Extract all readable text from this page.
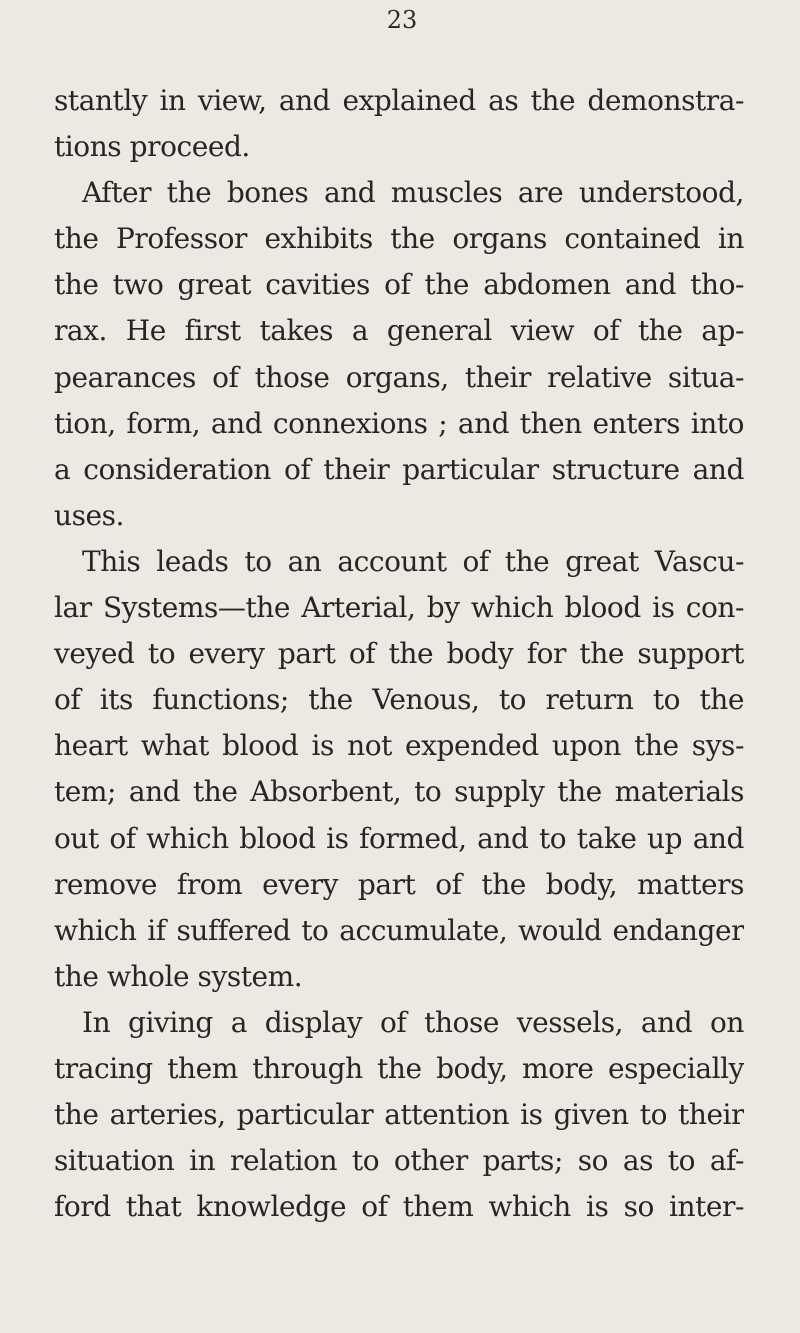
23
stantly in view, and explained as the demonstra-
tions proceed.
After the bones and muscles are understood,
the Professor exhibits the organs contained in
the two great cavities of the abdomen and tho-
rax. He first takes a general view of the ap-
pearances of those organs, their relative situa-
tion, form, and connexions ; and then enters into
a consideration of their particular structure and
uses.
This leads to an account of the great Vascu-
lar Systems—the Arterial, by which blood is con-
veyed to every part of the body for the support
of its functions; the Venous, to return to the
heart what blood is not expended upon the sys-
tem; and the Absorbent, to supply the materials
out of which blood is formed, and to take up and
remove from every part of the body, matters
which if suffered to accumulate, would endanger
the whole system.
In giving a display of those vessels, and on
tracing them through the body, more especially
the arteries, particular attention is given to their
situation in relation to other parts; so as to af-
ford that knowledge of them which is so inter-
